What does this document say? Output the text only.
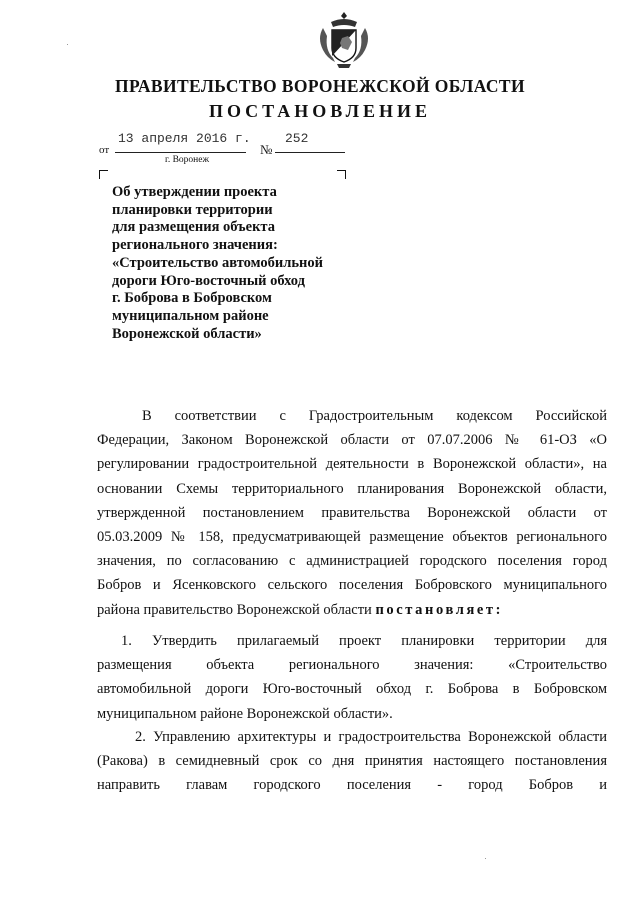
ПРАВИТЕЛЬСТВО ВОРОНЕЖСКОЙ ОБЛАСТИ
ПОСТАНОВЛЕНИЕ
от
13 апреля 2016 г.
№
252
г. Воронеж
Об утверждении проекта
планировки территории
для размещения объекта
регионального значения:
«Строительство автомобильной
дороги Юго-восточный обход
г. Боброва в Бобровском
муниципальном районе
Воронежской области»
В соответствии с Градостроительным кодексом Российской
Федерации, Законом Воронежской области от 07.07.2006 № 61-ОЗ «О
регулировании градостроительной деятельности в Воронежской области», на
основании Схемы территориального планирования Воронежской области,
утвержденной постановлением правительства Воронежской области от
05.03.2009 № 158, предусматривающей размещение объектов регионального
значения, по согласованию с администрацией городского поселения город
Бобров и Ясенковского сельского поселения Бобровского муниципального
района правительство Воронежской области постановляет:
1. Утвердить прилагаемый проект планировки территории для
размещения объекта регионального значения: «Строительство
автомобильной дороги Юго-восточный обход г. Боброва в Бобровском
муниципальном районе Воронежской области».
2. Управлению архитектуры и градостроительства Воронежской области
(Ракова) в семидневный срок со дня принятия настоящего постановления
направить главам городского поселения - город Бобров и
